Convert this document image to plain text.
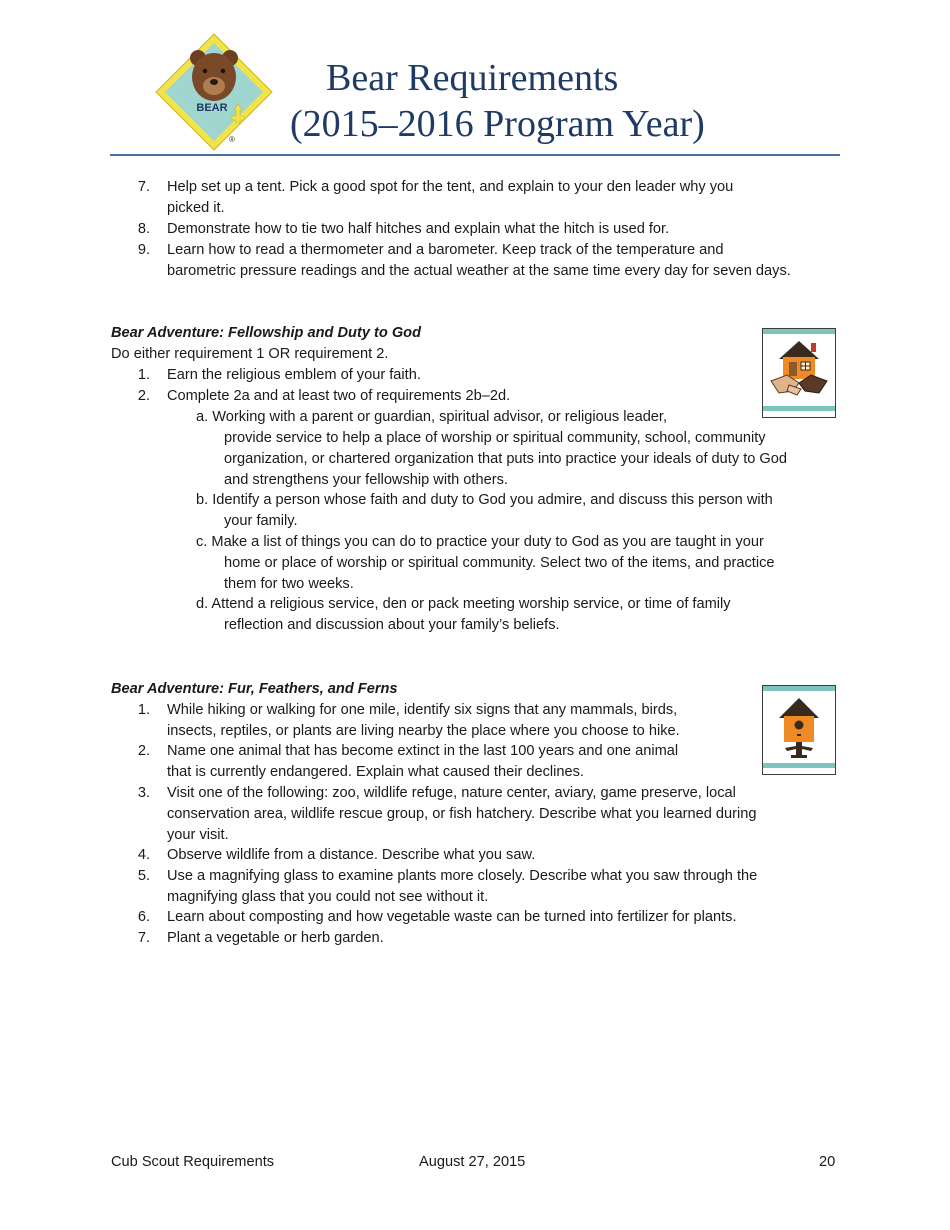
BEAR
®
Bear Requirements
(2015–2016 Program Year)
7. Help set up a tent. Pick a good spot for the tent, and explain to your den leader why you
picked it.
8. Demonstrate how to tie two half hitches and explain what the hitch is used for.
9. Learn how to read a thermometer and a barometer. Keep track of the temperature and
barometric pressure readings and the actual weather at the same time every day for seven days.
Bear Adventure: Fellowship and Duty to God
Do either requirement 1 OR requirement 2.
1. Earn the religious emblem of your faith.
2. Complete 2a and at least two of requirements 2b–2d.
a. Working with a parent or guardian, spiritual advisor, or religious leader,
provide service to help a place of worship or spiritual community, school, community
organization, or chartered organization that puts into practice your ideals of duty to God
and strengthens your fellowship with others.
b. Identify a person whose faith and duty to God you admire, and discuss this person with
your family.
c. Make a list of things you can do to practice your duty to God as you are taught in your
home or place of worship or spiritual community. Select two of the items, and practice
them for two weeks.
d. Attend a religious service, den or pack meeting worship service, or time of family
reflection and discussion about your family’s beliefs.
Bear Adventure: Fur, Feathers, and Ferns
1. While hiking or walking for one mile, identify six signs that any mammals, birds,
insects, reptiles, or plants are living nearby the place where you choose to hike.
2. Name one animal that has become extinct in the last 100 years and one animal
that is currently endangered. Explain what caused their declines.
3. Visit one of the following: zoo, wildlife refuge, nature center, aviary, game preserve, local
conservation area, wildlife rescue group, or fish hatchery. Describe what you learned during
your visit.
4. Observe wildlife from a distance. Describe what you saw.
5. Use a magnifying glass to examine plants more closely. Describe what you saw through the
magnifying glass that you could not see without it.
6. Learn about composting and how vegetable waste can be turned into fertilizer for plants.
7. Plant a vegetable or herb garden.
Cub Scout Requirements	August 27, 2015	20
